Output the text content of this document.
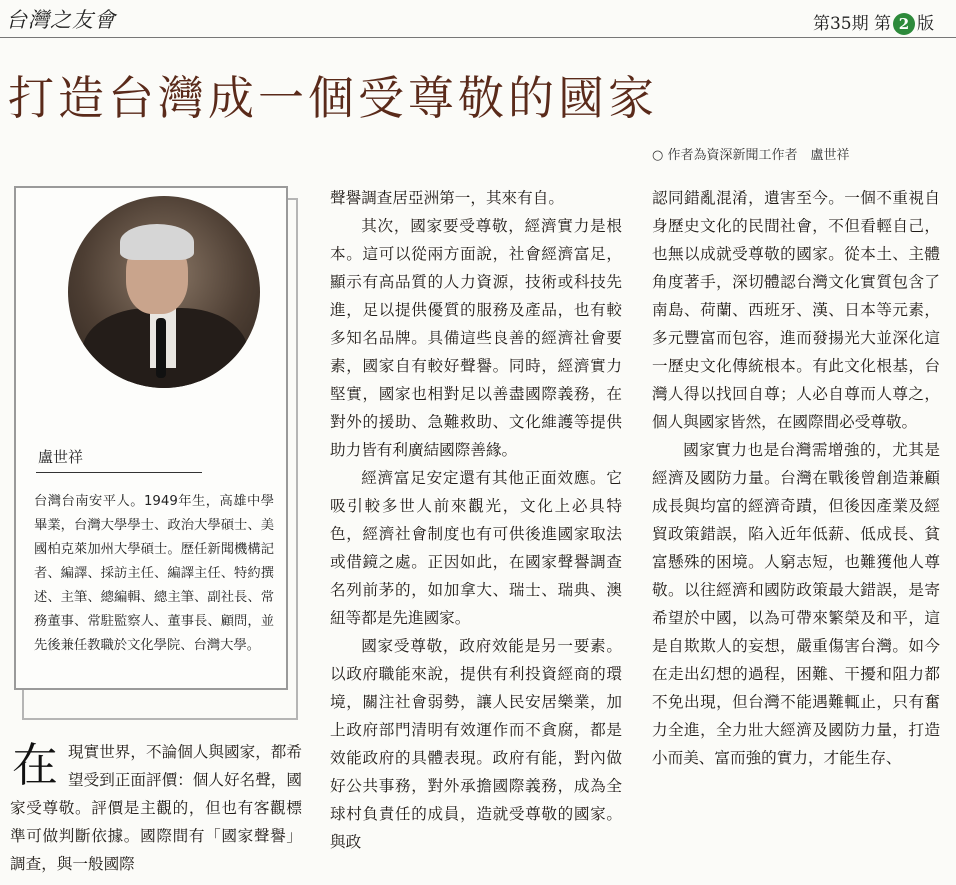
台灣之友會	第35期 第 2 版
打造台灣成一個受尊敬的國家
○ 作者為資深新聞工作者　盧世祥
盧世祥
台灣台南安平人。1949年生，高雄中學畢業，台灣大學學士、政治大學碩士、美國柏克萊加州大學碩士。歷任新聞機構記者、編譯、採訪主任、編譯主任、特約撰述、主筆、總編輯、總主筆、副社長、常務董事、常駐監察人、董事長、顧問，並先後兼任教職於文化學院、台灣大學。

在現實世界，不論個人與國家，都希望受到正面評價：個人好名聲，國家受尊敬。評價是主觀的，但也有客觀標準可做判斷依據。國際間有「國家聲譽」調查，與一般國際

聲譽調查居亞洲第一，其來有自。

其次，國家要受尊敬，經濟實力是根本。這可以從兩方面說，社會經濟富足，顯示有高品質的人力資源，技術或科技先進，足以提供優質的服務及產品，也有較多知名品牌。具備這些良善的經濟社會要素，國家自有較好聲譽。同時，經濟實力堅實，國家也相對足以善盡國際義務，在對外的援助、急難救助、文化維護等提供助力皆有利廣結國際善緣。

經濟富足安定還有其他正面效應。它吸引較多世人前來觀光，文化上必具特色，經濟社會制度也有可供後進國家取法或借鏡之處。正因如此，在國家聲譽調查名列前茅的，如加拿大、瑞士、瑞典、澳紐等都是先進國家。

國家受尊敬，政府效能是另一要素。以政府職能來說，提供有利投資經商的環境，關注社會弱勢，讓人民安居樂業，加上政府部門清明有效運作而不貪腐，都是效能政府的具體表現。政府有能，對內做好公共事務，對外承擔國際義務，成為全球村負責任的成員，造就受尊敬的國家。與政

認同錯亂混淆，遺害至今。一個不重視自身歷史文化的民間社會，不但看輕自己，也無以成就受尊敬的國家。從本土、主體角度著手，深切體認台灣文化實質包含了南島、荷蘭、西班牙、漢、日本等元素，多元豐富而包容，進而發揚光大並深化這一歷史文化傳統根本。有此文化根基，台灣人得以找回自尊；人必自尊而人尊之，個人與國家皆然，在國際間必受尊敬。

國家實力也是台灣需增強的，尤其是經濟及國防力量。台灣在戰後曾創造兼顧成長與均富的經濟奇蹟，但後因產業及經貿政策錯誤，陷入近年低薪、低成長、貧富懸殊的困境。人窮志短，也難獲他人尊敬。以往經濟和國防政策最大錯誤，是寄希望於中國，以為可帶來繁榮及和平，這是自欺欺人的妄想，嚴重傷害台灣。如今在走出幻想的過程，困難、干擾和阻力都不免出現，但台灣不能遇難輒止，只有奮力全進，全力壯大經濟及國防力量，打造小而美、富而強的實力，才能生存、
